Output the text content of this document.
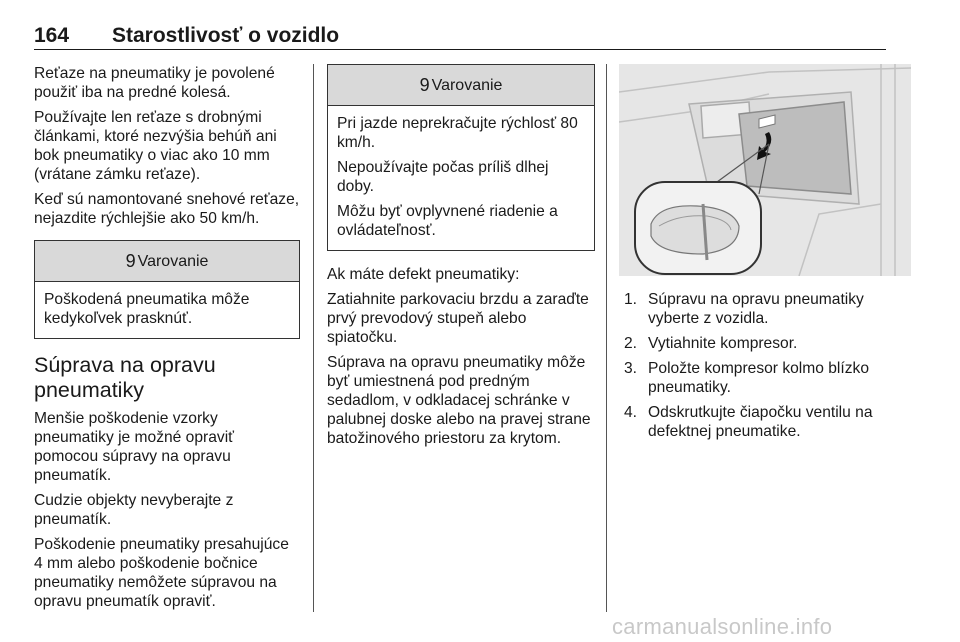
164 Starostlivosť o vozidlo

Reťaze na pneumatiky je povolené použiť iba na predné kolesá.

Používajte len reťaze s drobnými článkami, ktoré nezvýšia behúň ani bok pneumatiky o viac ako 10 mm (vrátane zámku reťaze).

Keď sú namontované snehové reťaze, nejazdite rýchlejšie ako 50 km/h.

9 Varovanie

Poškodená pneumatika môže kedykoľvek prasknúť.

Súprava na opravu pneumatiky

Menšie poškodenie vzorky pneumatiky je možné opraviť pomocou súpravy na opravu pneumatík.

Cudzie objekty nevyberajte z pneumatík.

Poškodenie pneumatiky presahujúce 4 mm alebo poškodenie bočnice pneumatiky nemôžete súpravou na opravu pneumatík opraviť.

9 Varovanie

Pri jazde neprekračujte rýchlosť 80 km/h.

Nepoužívajte počas príliš dlhej doby.

Môžu byť ovplyvnené riadenie a ovládateľnosť.

Ak máte defekt pneumatiky:

Zatiahnite parkovaciu brzdu a zaraďte prvý prevodový stupeň alebo spiatočku.

Súprava na opravu pneumatiky môže byť umiestnená pod predným sedadlom, v odkladacej schránke v palubnej doske alebo na pravej strane batožinového priestoru za krytom.

1. Súpravu na opravu pneumatiky vyberte z vozidla.
2. Vytiahnite kompresor.
3. Položte kompresor kolmo blízko pneumatiky.
4. Odskrutkujte čiapočku ventilu na defektnej pneumatike.
carmanualsonline.info
